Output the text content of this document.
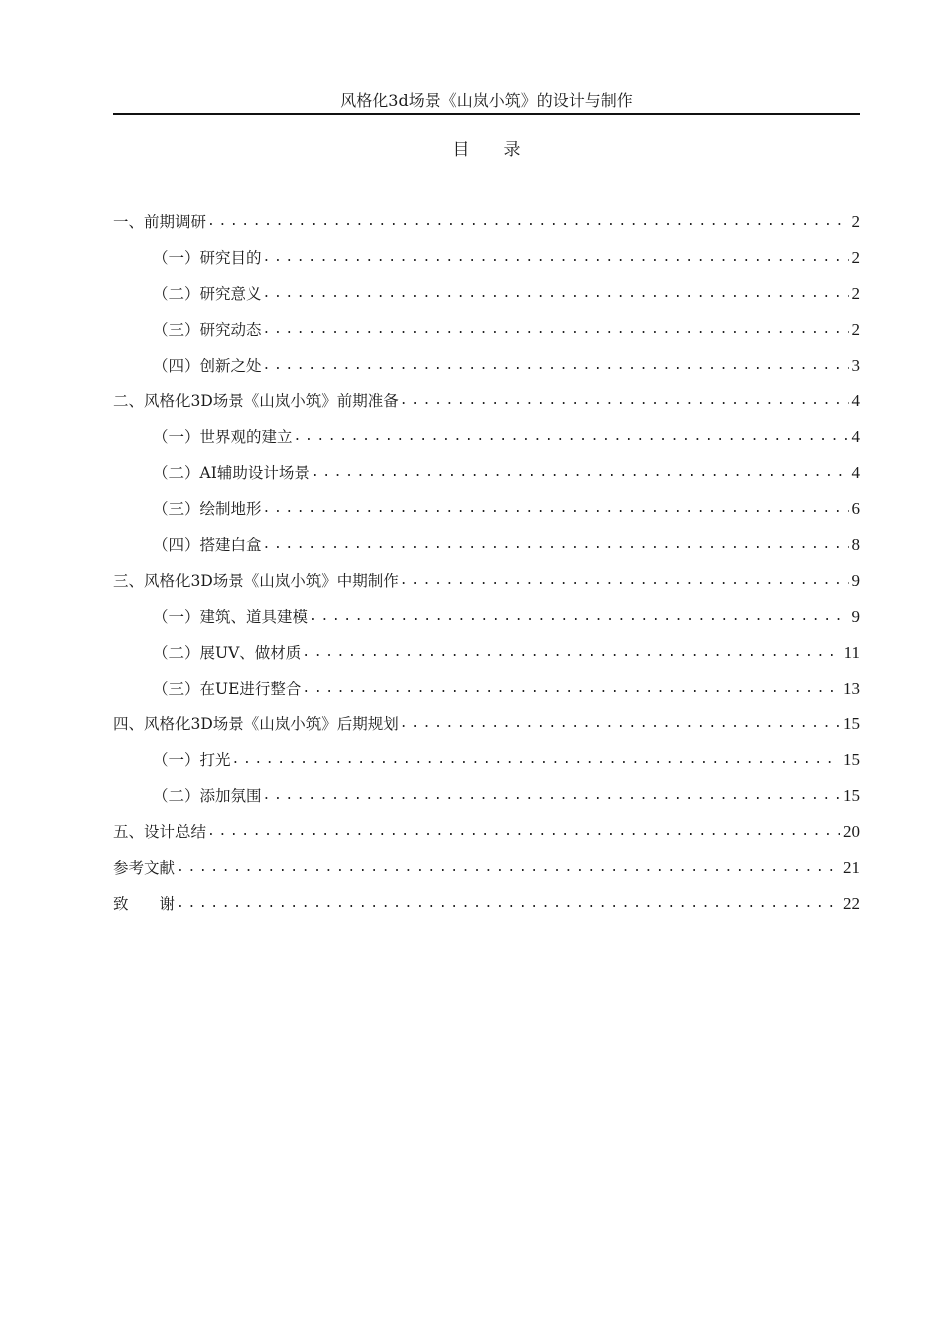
风格化3d场景《山岚小筑》的设计与制作
目　　录
一、前期调研 .....	2
（一）研究目的 .....	2
（二）研究意义 .....	2
（三）研究动态 .....	2
（四）创新之处 .....	3
二、风格化3D场景《山岚小筑》前期准备 .....	4
（一）世界观的建立 .....	4
（二）AI辅助设计场景 .....	4
（三）绘制地形 .....	6
（四）搭建白盒 .....	8
三、风格化3D场景《山岚小筑》中期制作 .....	9
（一）建筑、道具建模 .....	9
（二）展UV、做材质 .....	11
（三）在UE进行整合 .....	13
四、风格化3D场景《山岚小筑》后期规划 .....	15
（一）打光 .....	15
（二）添加氛围 .....	15
五、设计总结 .....	20
参考文献 .....	21
致　　谢 .....	22
